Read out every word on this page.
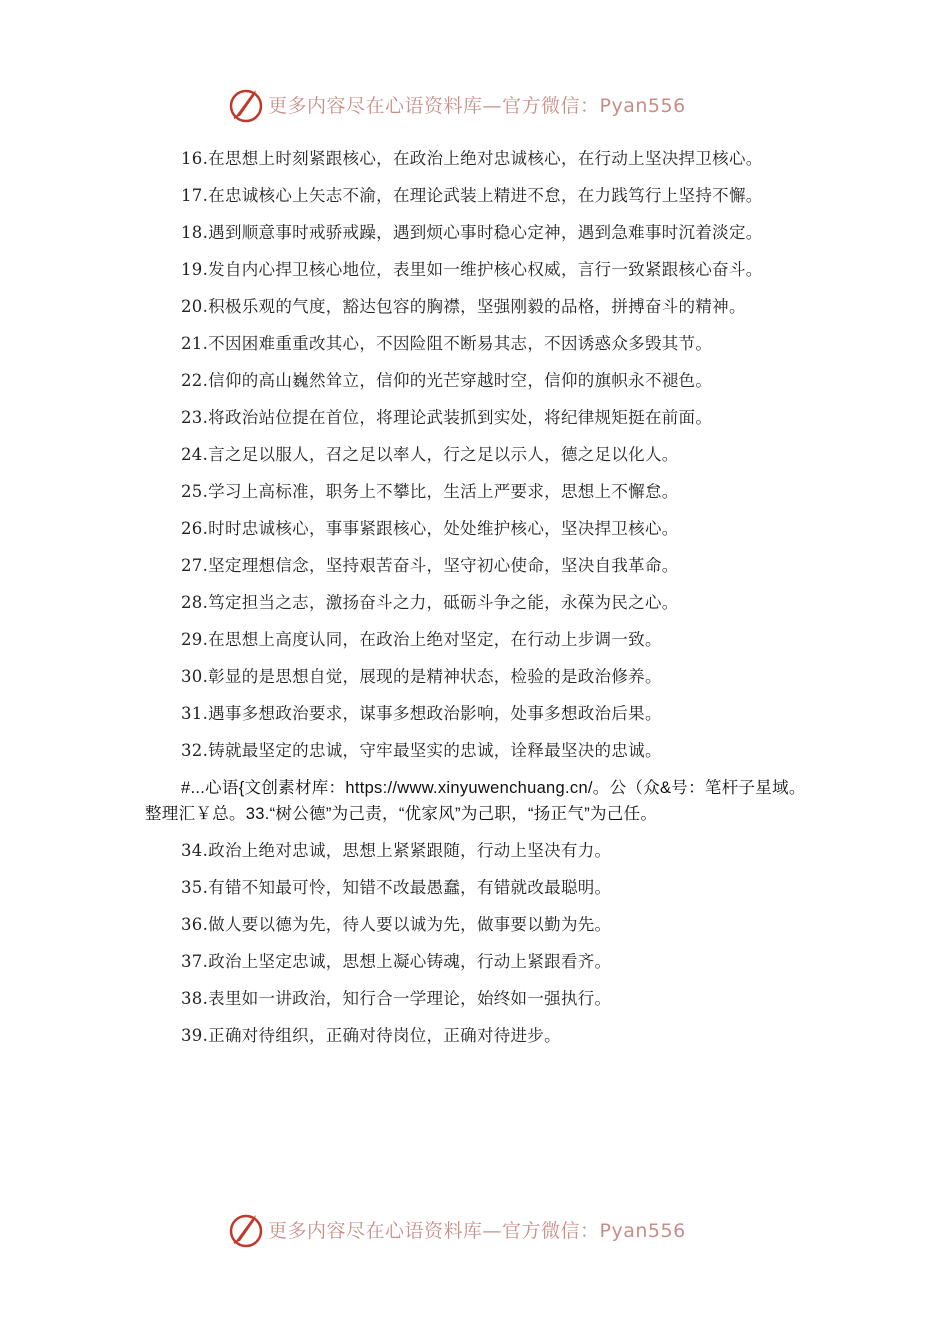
更多内容尽在心语资料库—官方微信：Pyan556

16.在思想上时刻紧跟核心，在政治上绝对忠诚核心，在行动上坚决捍卫核心。

17.在忠诚核心上矢志不渝，在理论武装上精进不怠，在力践笃行上坚持不懈。

18.遇到顺意事时戒骄戒躁，遇到烦心事时稳心定神，遇到急难事时沉着淡定。

19.发自内心捍卫核心地位，表里如一维护核心权威，言行一致紧跟核心奋斗。

20.积极乐观的气度，豁达包容的胸襟，坚强刚毅的品格，拼搏奋斗的精神。

21.不因困难重重改其心，不因险阻不断易其志，不因诱惑众多毁其节。

22.信仰的高山巍然耸立，信仰的光芒穿越时空，信仰的旗帜永不褪色。

23.将政治站位提在首位，将理论武装抓到实处，将纪律规矩挺在前面。

24.言之足以服人，召之足以率人，行之足以示人，德之足以化人。

25.学习上高标准，职务上不攀比，生活上严要求，思想上不懈怠。

26.时时忠诚核心，事事紧跟核心，处处维护核心，坚决捍卫核心。

27.坚定理想信念，坚持艰苦奋斗，坚守初心使命，坚决自我革命。

28.笃定担当之志，激扬奋斗之力，砥砺斗争之能，永葆为民之心。

29.在思想上高度认同，在政治上绝对坚定，在行动上步调一致。

30.彰显的是思想自觉，展现的是精神状态，检验的是政治修养。

31.遇事多想政治要求，谋事多想政治影响，处事多想政治后果。

32.铸就最坚定的忠诚，守牢最坚实的忠诚，诠释最坚决的忠诚。

#...心语{文创素材库：https://www.xinyuwenchuang.cn/。公（众&号：笔杆子星域。整理汇￥总。33.“树公德”为己责，“优家风”为己职，“扬正气”为己任。

34.政治上绝对忠诚，思想上紧紧跟随，行动上坚决有力。

35.有错不知最可怜，知错不改最愚蠢，有错就改最聪明。

36.做人要以德为先，待人要以诚为先，做事要以勤为先。

37.政治上坚定忠诚，思想上凝心铸魂，行动上紧跟看齐。

38.表里如一讲政治，知行合一学理论，始终如一强执行。

39.正确对待组织，正确对待岗位，正确对待进步。

更多内容尽在心语资料库—官方微信：Pyan556
